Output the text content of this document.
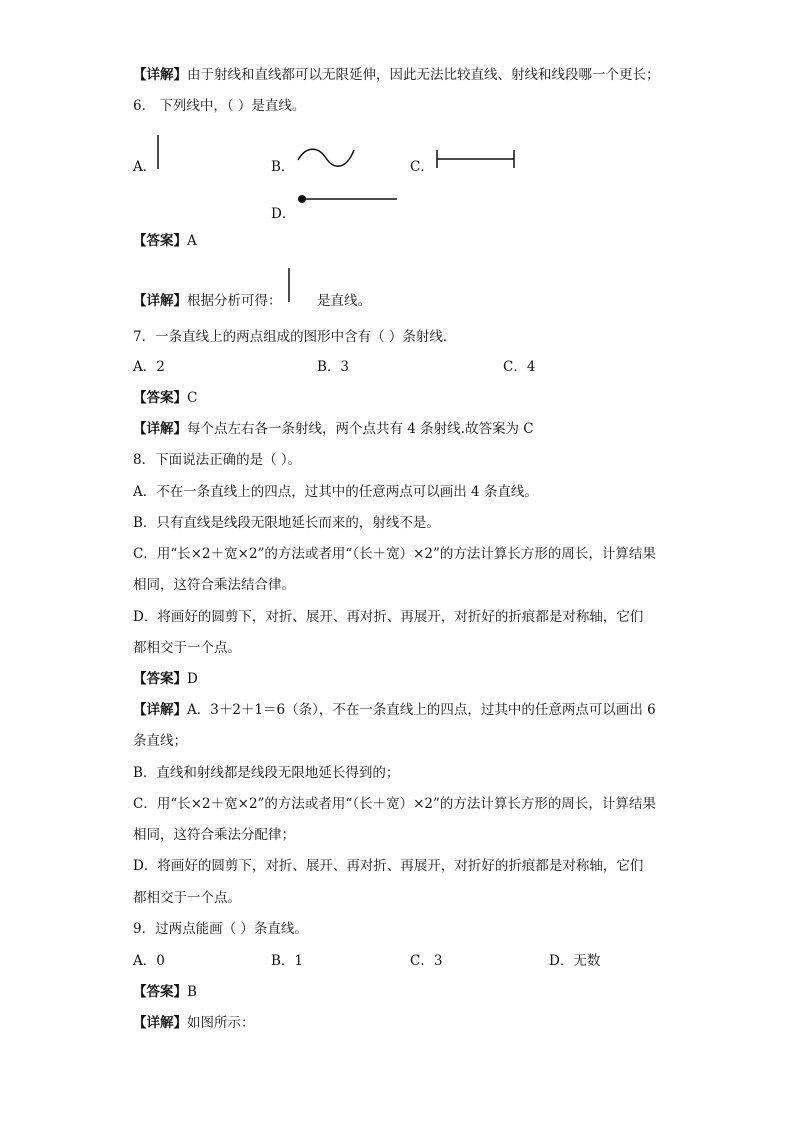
【详解】由于射线和直线都可以无限延伸，因此无法比较直线、射线和线段哪一个更长；
6． 下列线中，（ ）是直线。
A．	B．	C．
D．
【答案】A
【详解】根据分析可得：	是直线。
7．一条直线上的两点组成的图形中含有（ ）条射线．
A．2	B．3	C．4
【答案】C
【详解】每个点左右各一条射线，两个点共有 4 条射线.故答案为 C
8．下面说法正确的是（ ）。
A．不在一条直线上的四点，过其中的任意两点可以画出 4 条直线。
B．只有直线是线段无限地延长而来的，射线不是。
C．用“长×2＋宽×2”的方法或者用“（长＋宽）×2”的方法计算长方形的周长，计算结果
相同，这符合乘法结合律。
D．将画好的圆剪下，对折、展开、再对折、再展开，对折好的折痕都是对称轴，它们
都相交于一个点。
【答案】D
【详解】A．3＋2＋1＝6（条），不在一条直线上的四点，过其中的任意两点可以画出 6
条直线；
B．直线和射线都是线段无限地延长得到的；
C．用“长×2＋宽×2”的方法或者用“（长＋宽）×2”的方法计算长方形的周长，计算结果
相同，这符合乘法分配律；
D．将画好的圆剪下，对折、展开、再对折、再展开，对折好的折痕都是对称轴，它们
都相交于一个点。
9．过两点能画（ ）条直线。
A．0	B．1	C．3	D．无数
【答案】B
【详解】如图所示：
